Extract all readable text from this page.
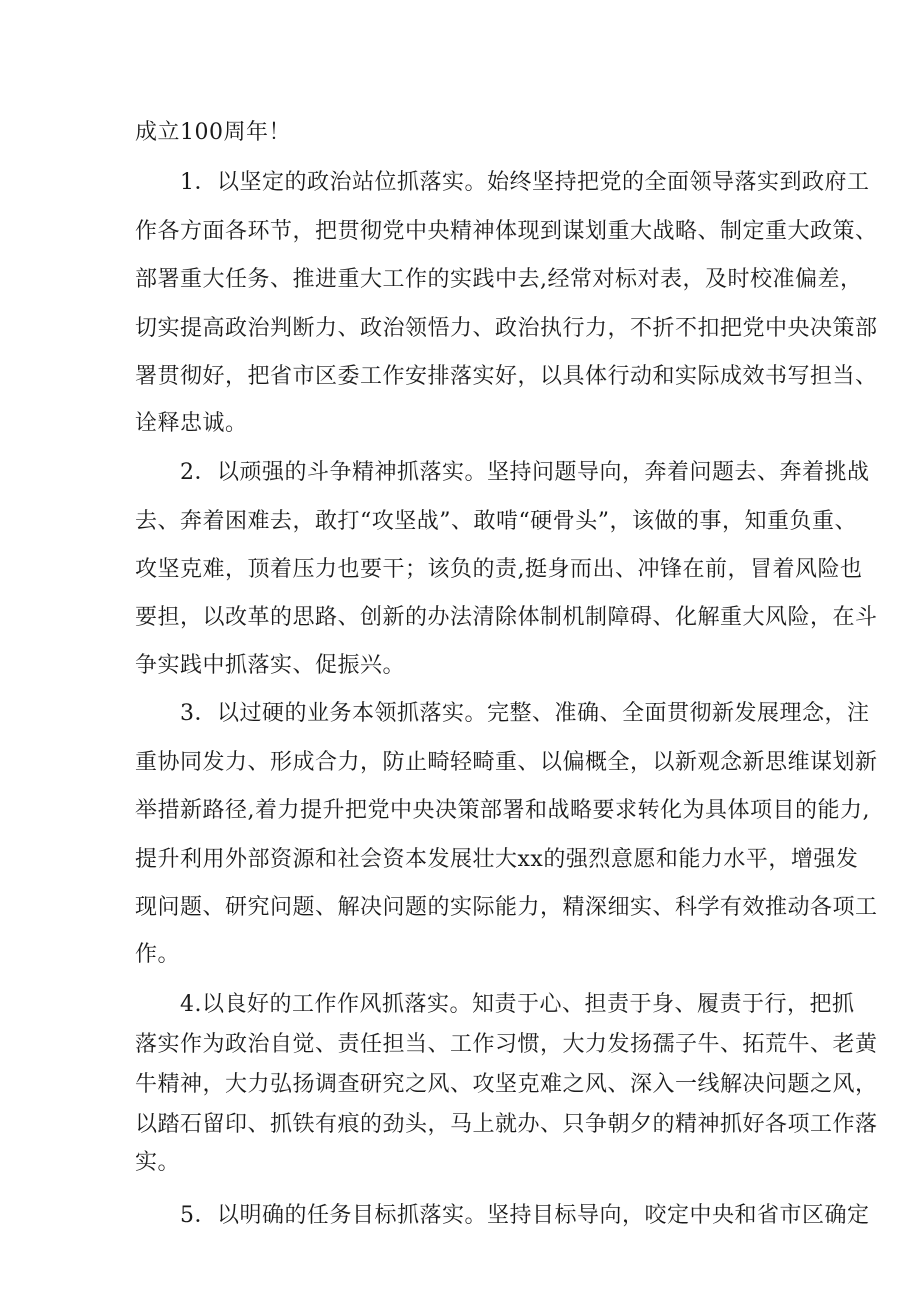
成立100周年！
1．以坚定的政治站位抓落实。始终坚持把党的全面领导落实到政府工
作各方面各环节，把贯彻党中央精神体现到谋划重大战略、制定重大政策、
部署重大任务、推进重大工作的实践中去,经常对标对表，及时校准偏差，
切实提高政治判断力、政治领悟力、政治执行力，不折不扣把党中央决策部
署贯彻好，把省市区委工作安排落实好，以具体行动和实际成效书写担当、
诠释忠诚。
2．以顽强的斗争精神抓落实。坚持问题导向，奔着问题去、奔着挑战
去、奔着困难去，敢打“攻坚战”、敢啃“硬骨头”，该做的事，知重负重、
攻坚克难，顶着压力也要干；该负的责,挺身而出、冲锋在前，冒着风险也
要担，以改革的思路、创新的办法清除体制机制障碍、化解重大风险，在斗
争实践中抓落实、促振兴。
3．以过硬的业务本领抓落实。完整、准确、全面贯彻新发展理念，注
重协同发力、形成合力，防止畸轻畸重、以偏概全，以新观念新思维谋划新
举措新路径,着力提升把党中央决策部署和战略要求转化为具体项目的能力,
提升利用外部资源和社会资本发展壮大xx的强烈意愿和能力水平，增强发
现问题、研究问题、解决问题的实际能力，精深细实、科学有效推动各项工
作。
4.以良好的工作作风抓落实。知责于心、担责于身、履责于行，把抓
落实作为政治自觉、责任担当、工作习惯，大力发扬孺子牛、拓荒牛、老黄
牛精神，大力弘扬调查研究之风、攻坚克难之风、深入一线解决问题之风，
以踏石留印、抓铁有痕的劲头，马上就办、只争朝夕的精神抓好各项工作落
实。
5．以明确的任务目标抓落实。坚持目标导向，咬定中央和省市区确定
